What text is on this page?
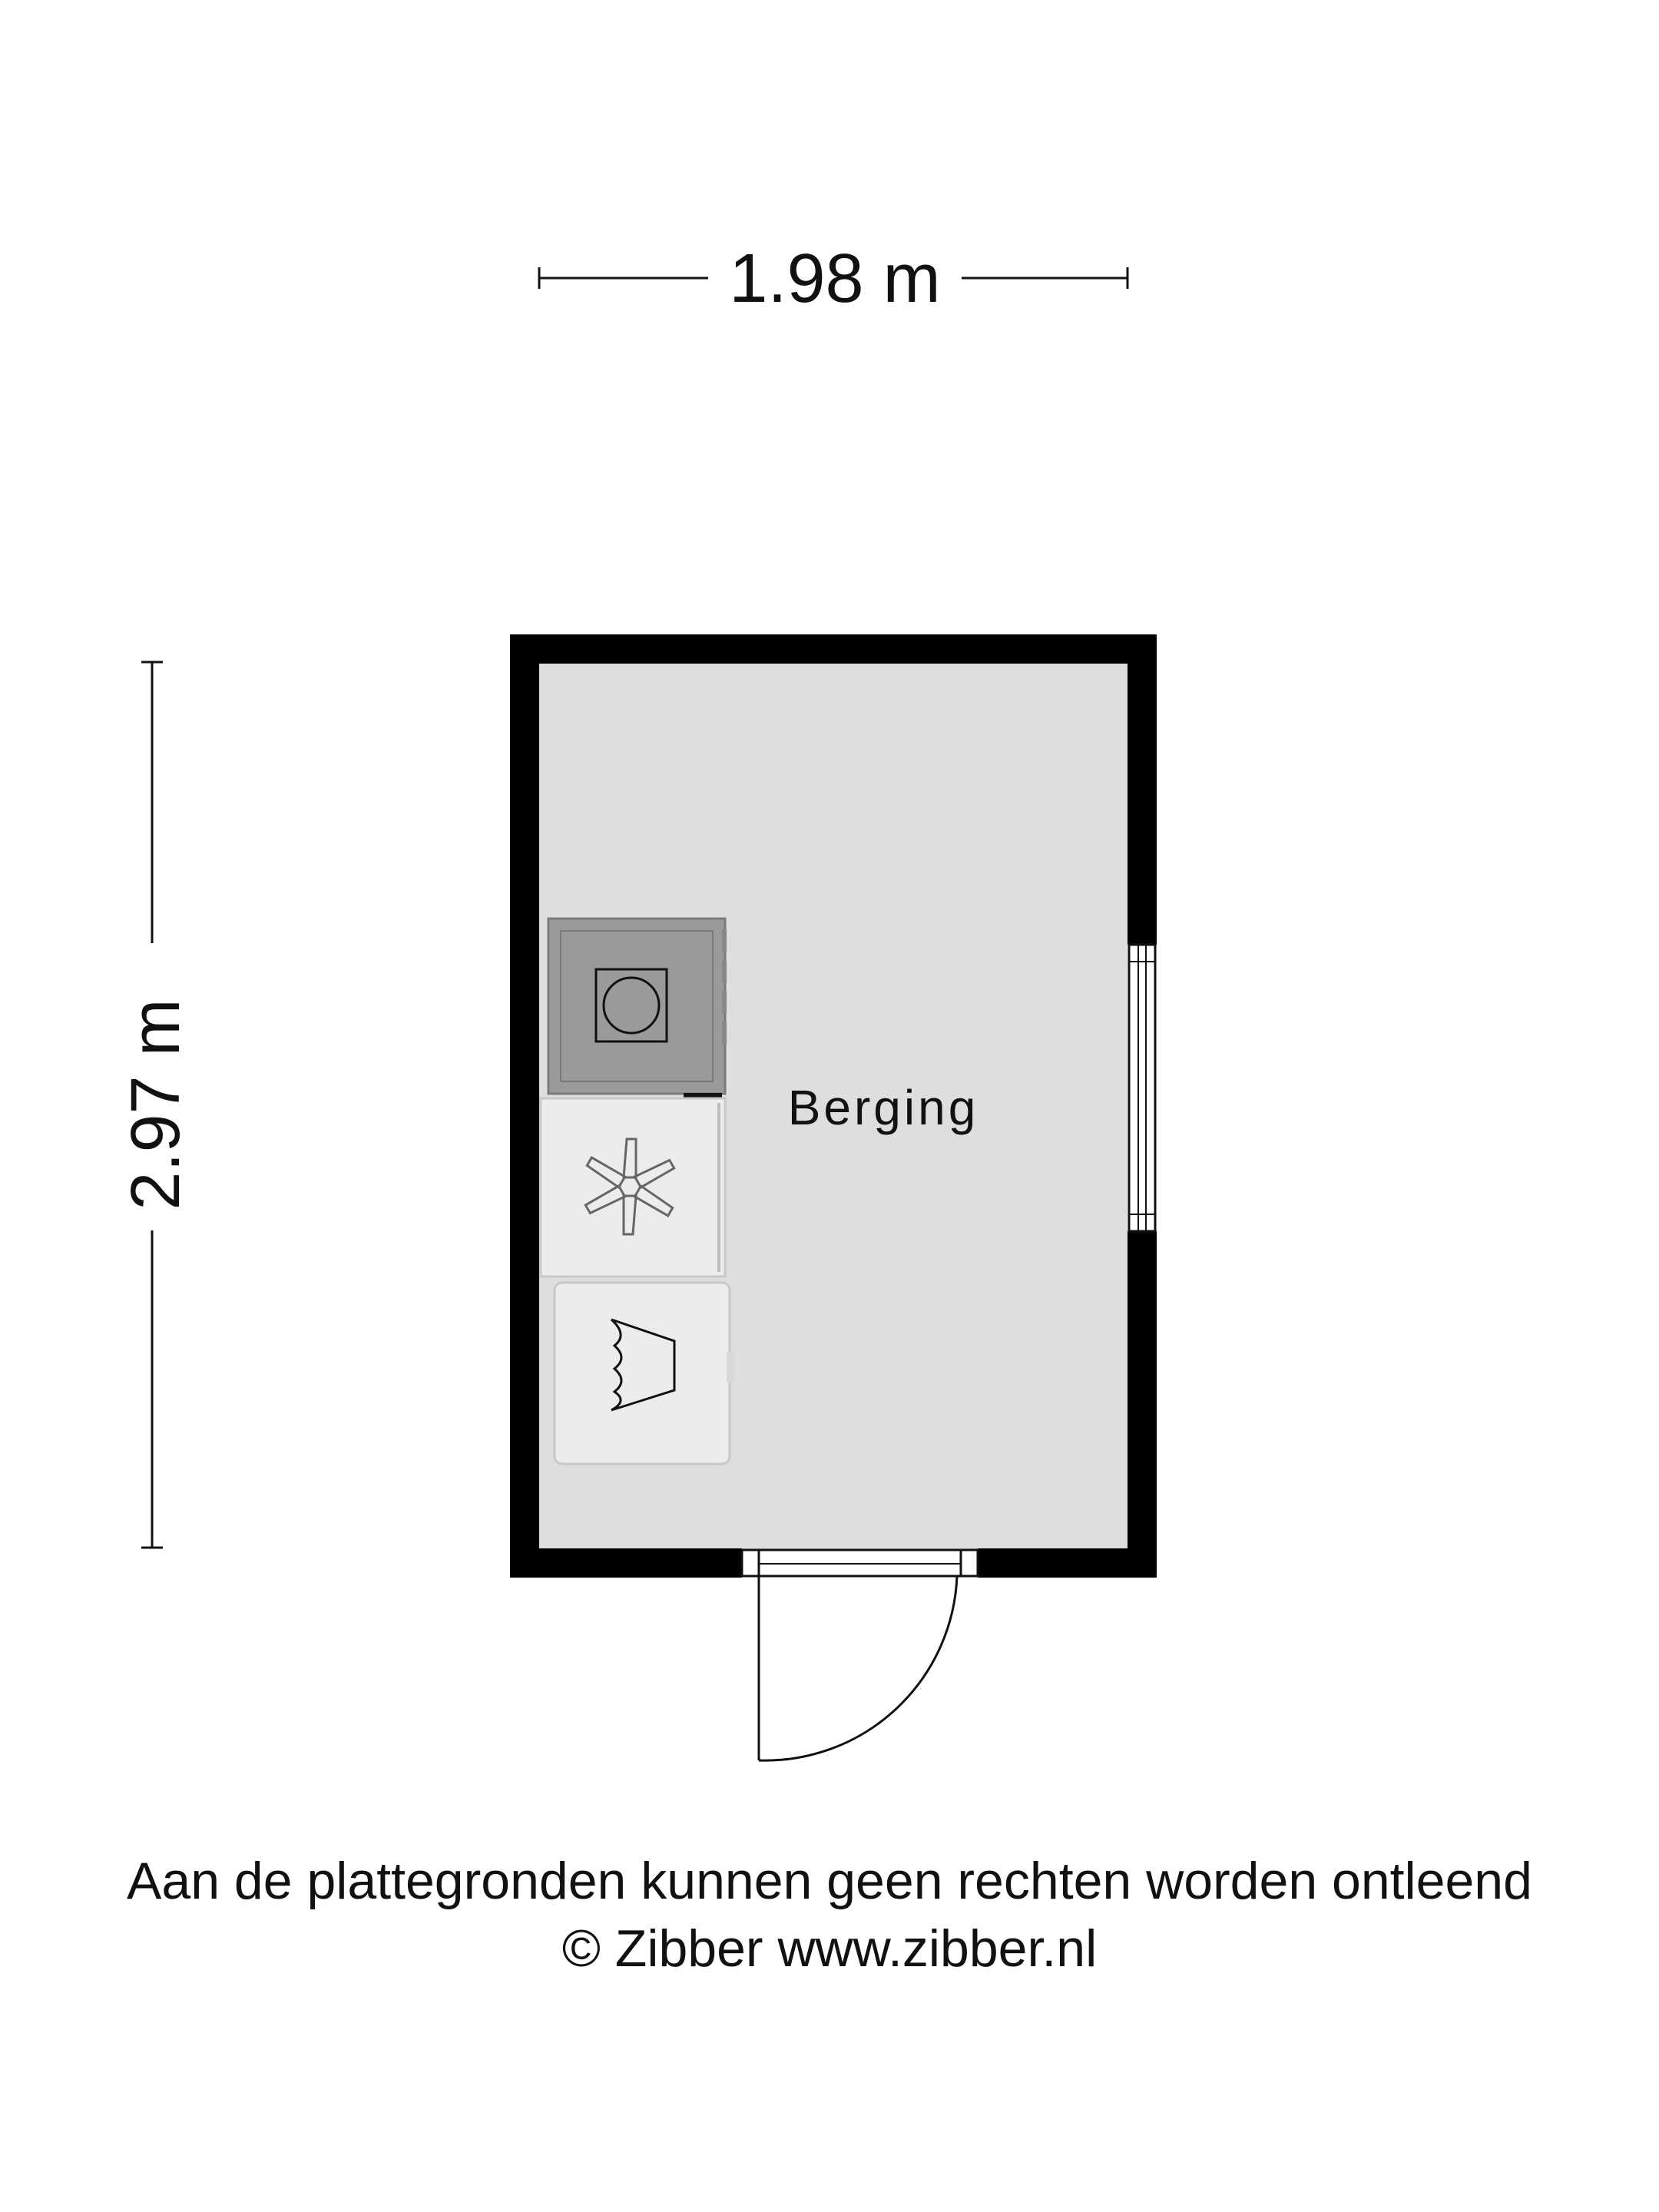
1.98 m
2.97 m	Berging
Aan de plattegronden kunnen geen rechten worden ontleend
© Zibber www.zibber.nl
